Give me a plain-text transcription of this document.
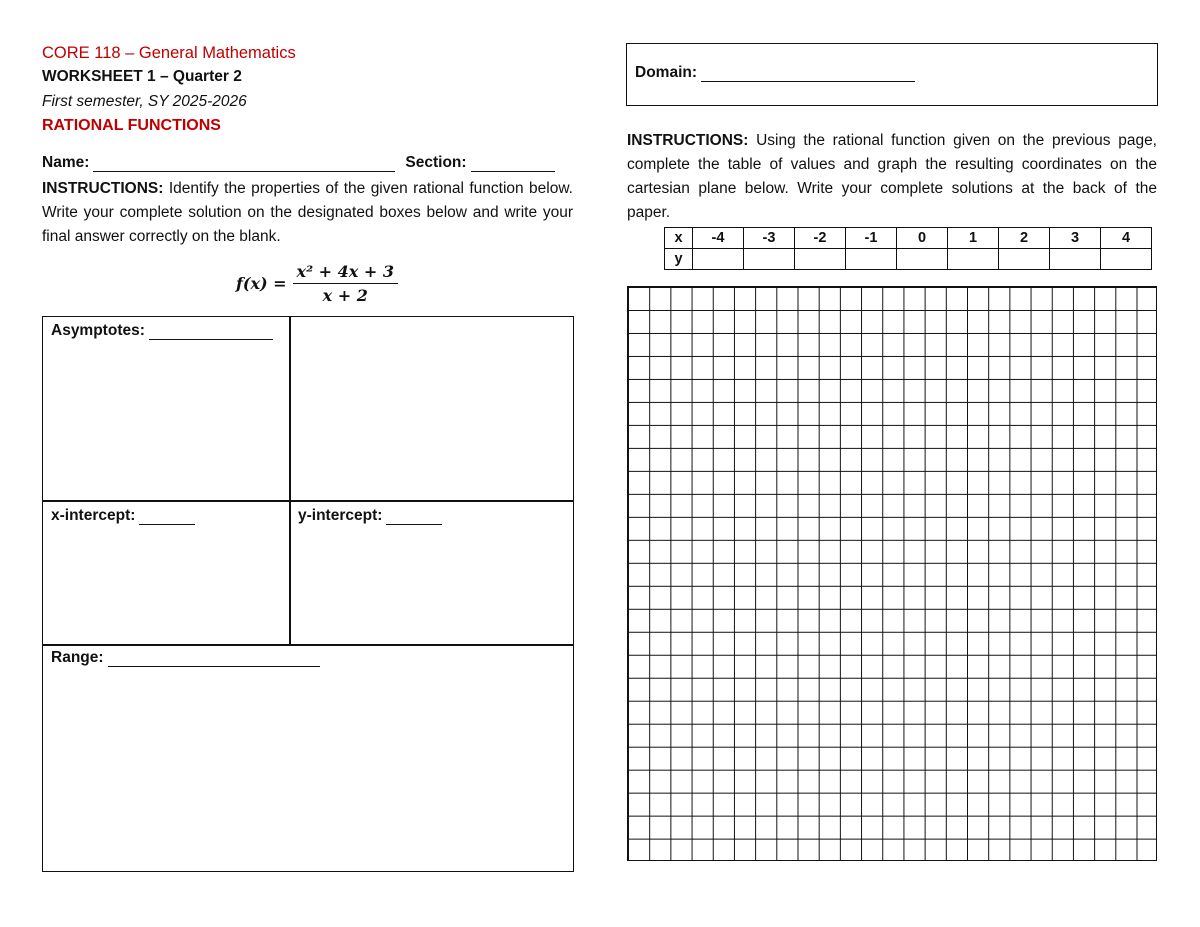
CORE 118 – General Mathematics
WORKSHEET 1 – Quarter 2
First semester, SY 2025-2026
RATIONAL FUNCTIONS
Name:	Section:
INSTRUCTIONS: Identify the properties of the given rational function below. Write your complete solution on the designated boxes below and write your final answer correctly on the blank.
$f(x) = \frac{\text{x² + 4x + 3}}{x + 2}$
Asymptotes:
x-intercept:	y-intercept:
Range:
Domain:
INSTRUCTIONS: Using the rational function given on the previous page, complete the table of values and graph the resulting coordinates on the cartesian plane below. Write your complete solutions at the back of the paper.
x	-4	-3	-2	-1	0	1	2	3	4
y									
